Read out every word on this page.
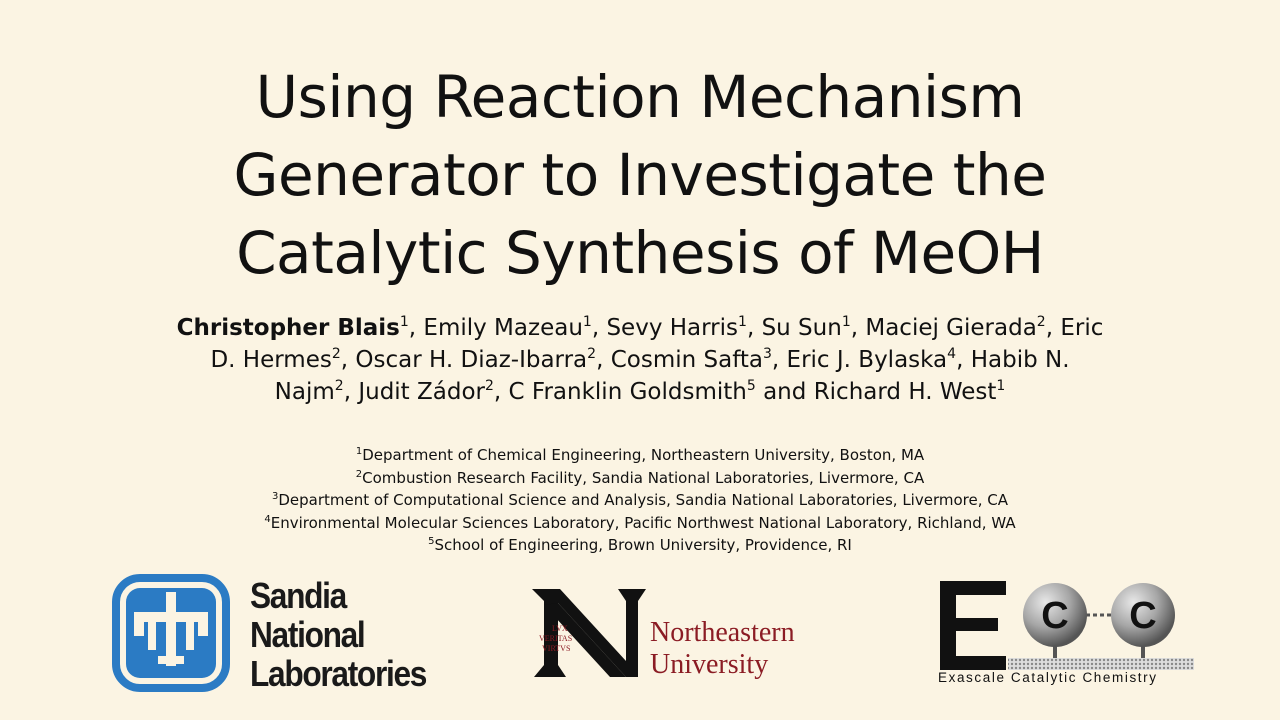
Using Reaction Mechanism
Generator to Investigate the
Catalytic Synthesis of MeOH
Christopher Blais$^1$, Emily Mazeau$^1$, Sevy Harris$^1$, Su Sun$^1$, Maciej Gierada$^2$, Eric D. Hermes$^2$, Oscar H. Diaz-Ibarra$^2$, Cosmin Safta$^3$, Eric J. Bylaska$^4$, Habib N. Najm$^2$, Judit Zádor$^2$, C Franklin Goldsmith$^5$ and Richard H. West$^1$
$^1$Department of Chemical Engineering, Northeastern University, Boston, MA
$^2$Combustion Research Facility, Sandia National Laboratories, Livermore, CA
$^3$Department of Computational Science and Analysis, Sandia National Laboratories, Livermore, CA
$^4$Environmental Molecular Sciences Laboratory, Pacific Northwest National Laboratory, Richland, WA
$^5$School of Engineering, Brown University, Providence, RI
Sandia
National
Laboratories
LVX
VERITAS
VIRTVS
Northeastern
University
C C
Exascale Catalytic Chemistry
